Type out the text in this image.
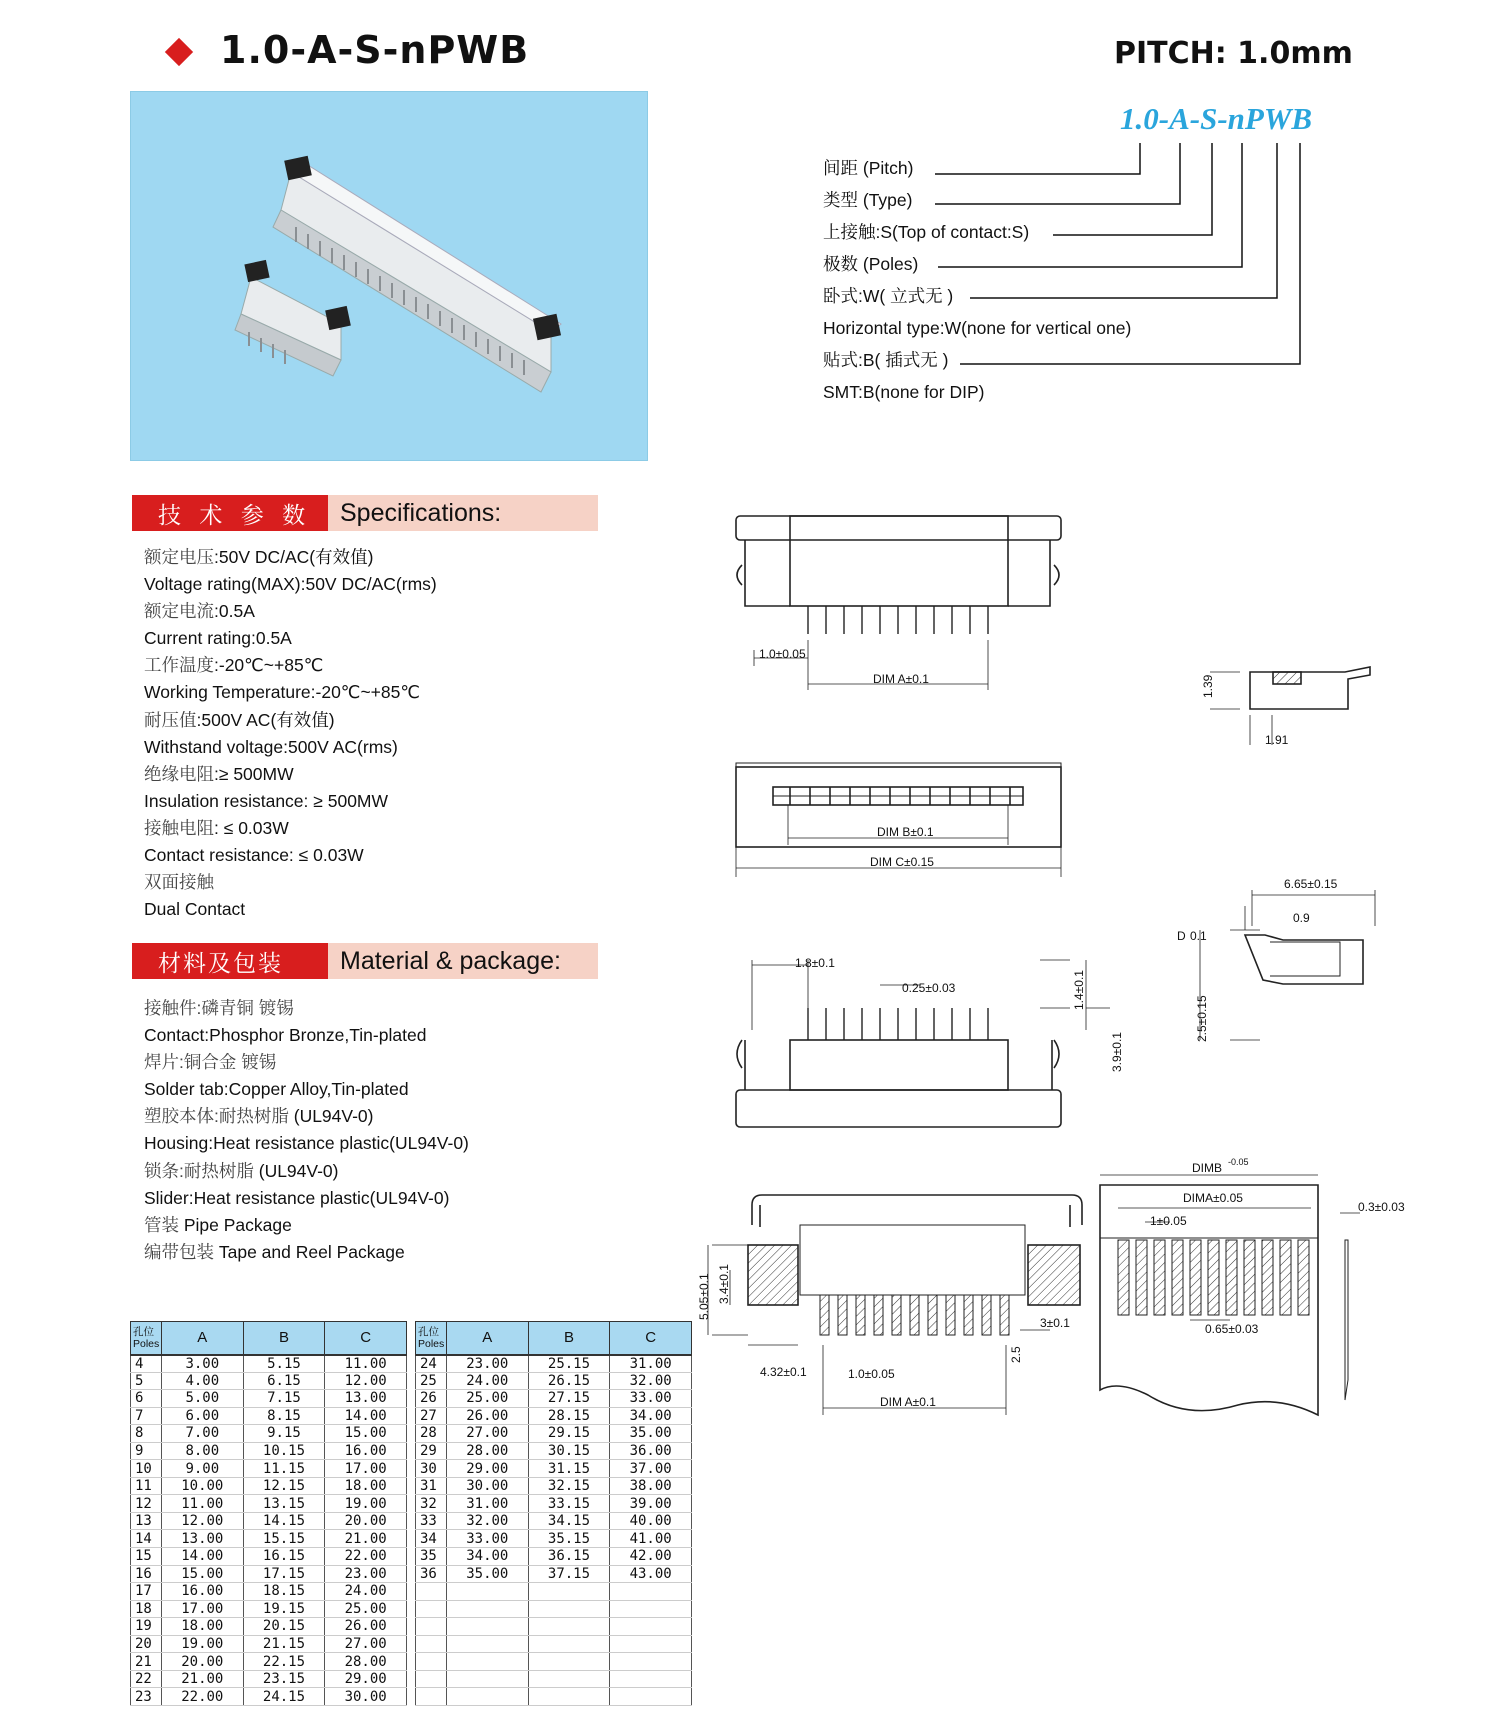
1.0-A-S-nPWB	PITCH: 1.0mm
1.0-A-S-nPWB
间距 (Pitch)
类型 (Type)
上接触:S(Top of contact:S)
极数 (Poles)
卧式:W( 立式无 )
Horizontal type:W(none for vertical one)
贴式:B( 插式无 )
SMT:B(none for DIP)
技 术 参 数	Specifications:
额定电压:50V DC/AC(有效值)
Voltage rating(MAX):50V DC/AC(rms)
额定电流:0.5A
Current rating:0.5A
工作温度:-20℃~+85℃
Working Temperature:-20℃~+85℃
耐压值:500V AC(有效值)
Withstand voltage:500V AC(rms)
绝缘电阻:≥ 500MW
Insulation resistance: ≥ 500MW
接触电阻: ≤ 0.03W
Contact resistance: ≤ 0.03W
双面接触
Dual Contact
材料及包装	Material & package:
接触件:磷青铜 镀锡
Contact:Phosphor Bronze,Tin-plated
焊片:铜合金 镀锡
Solder tab:Copper Alloy,Tin-plated
塑胶本体:耐热树脂 (UL94V-0)
Housing:Heat resistance plastic(UL94V-0)
锁条:耐热树脂 (UL94V-0)
Slider:Heat resistance plastic(UL94V-0)
管装 Pipe Package
编带包装 Tape and Reel Package
孔位
Poles	A	B	C
4	3.00	5.15	11.00
5	4.00	6.15	12.00
6	5.00	7.15	13.00
7	6.00	8.15	14.00
8	7.00	9.15	15.00
9	8.00	10.15	16.00
10	9.00	11.15	17.00
11	10.00	12.15	18.00
12	11.00	13.15	19.00
13	12.00	14.15	20.00
14	13.00	15.15	21.00
15	14.00	16.15	22.00
16	15.00	17.15	23.00
17	16.00	18.15	24.00
18	17.00	19.15	25.00
19	18.00	20.15	26.00
20	19.00	21.15	27.00
21	20.00	22.15	28.00
22	21.00	23.15	29.00
23	22.00	24.15	30.00
孔位
Poles	A	B	C
24	23.00	25.15	31.00
25	24.00	26.15	32.00
26	25.00	27.15	33.00
27	26.00	28.15	34.00
28	27.00	29.15	35.00
29	28.00	30.15	36.00
30	29.00	31.15	37.00
31	30.00	32.15	38.00
32	31.00	33.15	39.00
33	32.00	34.15	40.00
34	33.00	35.15	41.00
35	34.00	36.15	42.00
36	35.00	37.15	43.00

1.0±0.05
DIM A±0.1
DIM B±0.1
DIM C±0.15
1.39
1.91
6.65±0.15
0.9
D 0.1
2.5±0.15
1.8±0.1
0.25±0.03	1.4±0.1
3.9±0.1
5.05±0.1 3.4±0.1
3±0.1
2.5
4.32±0.1	1.0±0.05
DIM A±0.1
DIMB -0.05
DIMA±0.05
1±0.05
0.65±0.03
0.3±0.03
